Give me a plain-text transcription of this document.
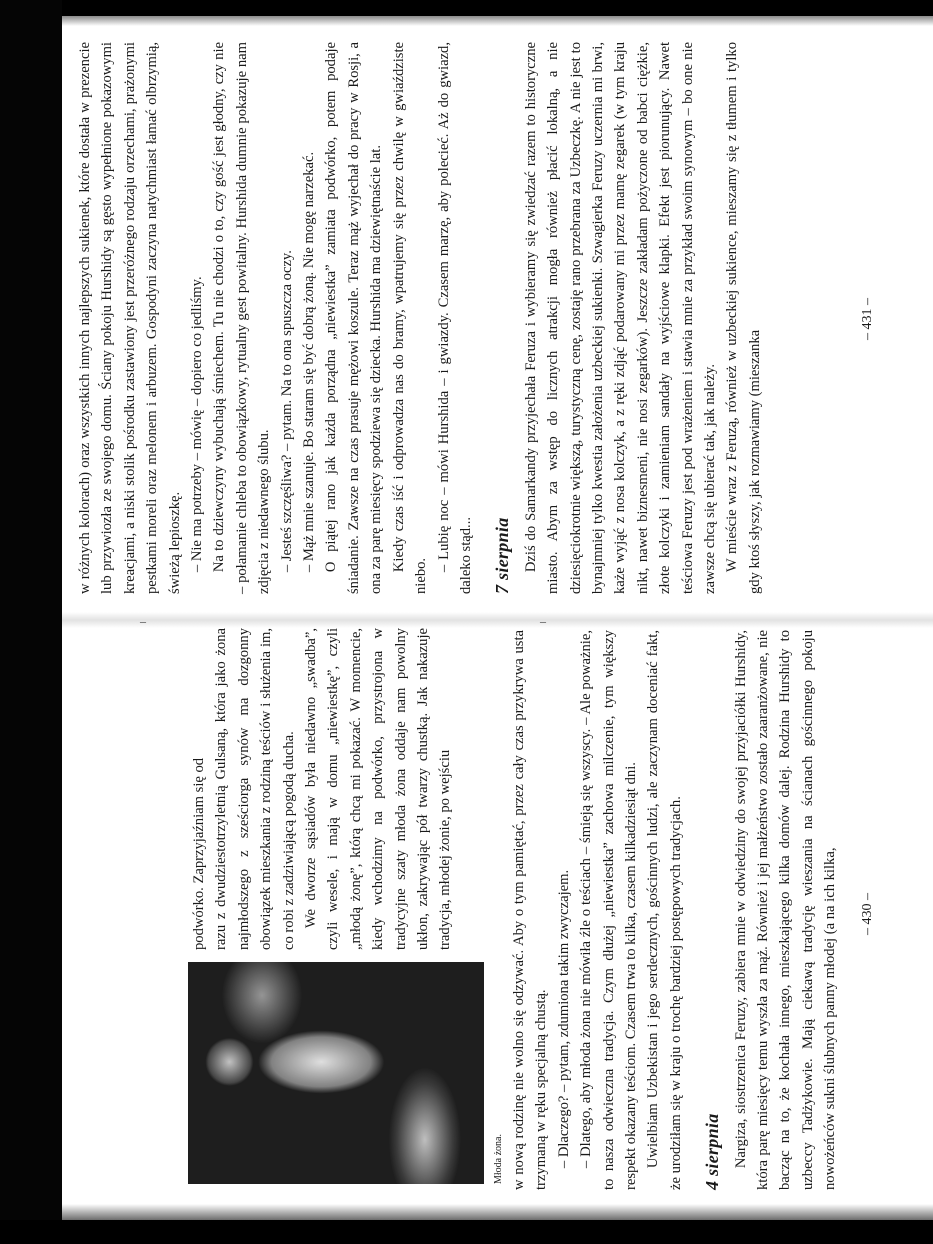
Młoda żona.

podwórko. Zaprzyjaźniam się od razu z dwudziestotrzyletnią Gulsaną, która jako żona najmłodszego z sześciorga synów ma dozgonny obowiązek mieszkania z rodziną teściów i służenia im, co robi z zadziwiającą pogodą ducha. We dworze sąsiadów była niedawno „swadba”, czyli wesele, i mają w domu „niewiestkę”, czyli „młodą żonę”, którą chcą mi pokazać. W momencie, kiedy wchodzimy na podwórko, przystrojona w tradycyjne szaty młoda żona oddaje nam powolny ukłon, zakrywając pół twarzy chustką. Jak nakazuje tradycja, młodej żonie, po wejściu	w nową rodzinę nie wolno się odzywać. Aby o tym pamiętać, przez cały czas przykrywa usta trzymaną w ręku specjalną chustą. – Dlaczego? – pytam, zdumiona takim zwyczajem. – Dlatego, aby młoda żona nie mówiła źle o teściach – śmieją się wszyscy. – Ale poważnie, to nasza odwieczna tradycja. Czym dłużej „niewiestka” zachowa milczenie, tym większy respekt okazany teściom. Czasem trwa to kilka, czasem kilkadziesiąt dni. Uwielbiam Uzbekistan i jego serdecznych, gościnnych ludzi, ale zaczynam doceniać fakt, że urodziłam się w kraju o trochę bardziej postępowych tradycjach. 4 sierpnia Nargiza, siostrzenica Feruzy, zabiera mnie w odwiedziny do swojej przyjaciółki Hurshidy, która parę miesięcy temu wyszła za mąż. Również i jej małżeństwo zostało zaaranżowane, nie bacząc na to, że kochała innego, mieszkającego kilka domów dalej. Rodzina Hurshidy to uzbeccy Tadżykowie. Mają ciekawą tradycję wieszania na ścianach gościnnego pokoju nowożeńców sukni ślubnych panny młodej (a na ich kilka, – 430 –

w różnych kolorach) oraz wszystkich innych najlepszych sukienek, które dostała w prezencie lub przywiozła ze swojego domu. Ściany pokoju Hurshidy są gęsto wypełnione pokazowymi kreacjami, a niski stolik pośrodku zastawiony jest przeróżnego rodzaju orzechami, prażonymi pestkami moreli oraz melonem i arbuzem. Gospodyni zaczyna natychmiast łamać olbrzymią, świeżą lepioszkę. – Nie ma potrzeby – mówię – dopiero co jedliśmy. Na to dziewczyny wybuchają śmiechem. Tu nie chodzi o to, czy gość jest głodny, czy nie – połamanie chleba to obowiązkowy, rytualny gest powitalny. Hurshida dumnie pokazuje nam zdjęcia z niedawnego ślubu. – Jesteś szczęśliwa? – pytam. Na to ona spuszcza oczy. – Mąż mnie szanuje. Bo staram się być dobrą żoną. Nie mogę narzekać. O piątej rano jak każda porządna „niewiestka” zamiata podwórko, potem podaje śniadanie. Zawsze na czas prasuje mężowi koszule. Teraz mąż wyjechał do pracy w Rosji, a ona za parę miesięcy spodziewa się dziecka. Hurshida ma dziewiętnaście lat. Kiedy czas iść i odprowadza nas do bramy, wpatrujemy się przez chwilę w gwiaździste niebo.

– Lubię noc – mówi Hurshida – i gwiazdy. Czasem marzę, aby polecieć. Aż do gwiazd, daleko stąd... 7 sierpnia Dziś do Samarkandy przyjechała Feruza i wybieramy się zwiedzać razem to historyczne miasto. Abym za wstęp do licznych atrakcji mogła również płacić lokalną, a nie dziesięciokrotnie większą, turystyczną cenę, zostaję rano przebrana za Uzbeczkę. A nie jest to bynajmniej tylko kwestia założenia uzbeckiej sukienki. Szwagierka Feruzy uczernia mi brwi, każe wyjąć z nosa kolczyk, a z ręki zdjąć podarowany mi przez mamę zegarek (w tym kraju nikt, nawet biznesmeni, nie nosi zegarków). Jeszcze zakładam pożyczone od babci ciężkie, złote kolczyki i zamieniam sandały na wyjściowe klapki. Efekt jest piorunujący. Nawet teściowa Feruzy jest pod wrażeniem i stawia mnie za przykład swoim synowym – bo one nie zawsze chcą się ubierać tak, jak należy. W mieście wraz z Feruzą, również w uzbeckiej sukience, mieszamy się z tłumem i tylko gdy ktoś słyszy, jak rozmawiamy (mieszanka

– 431 –
–	–
